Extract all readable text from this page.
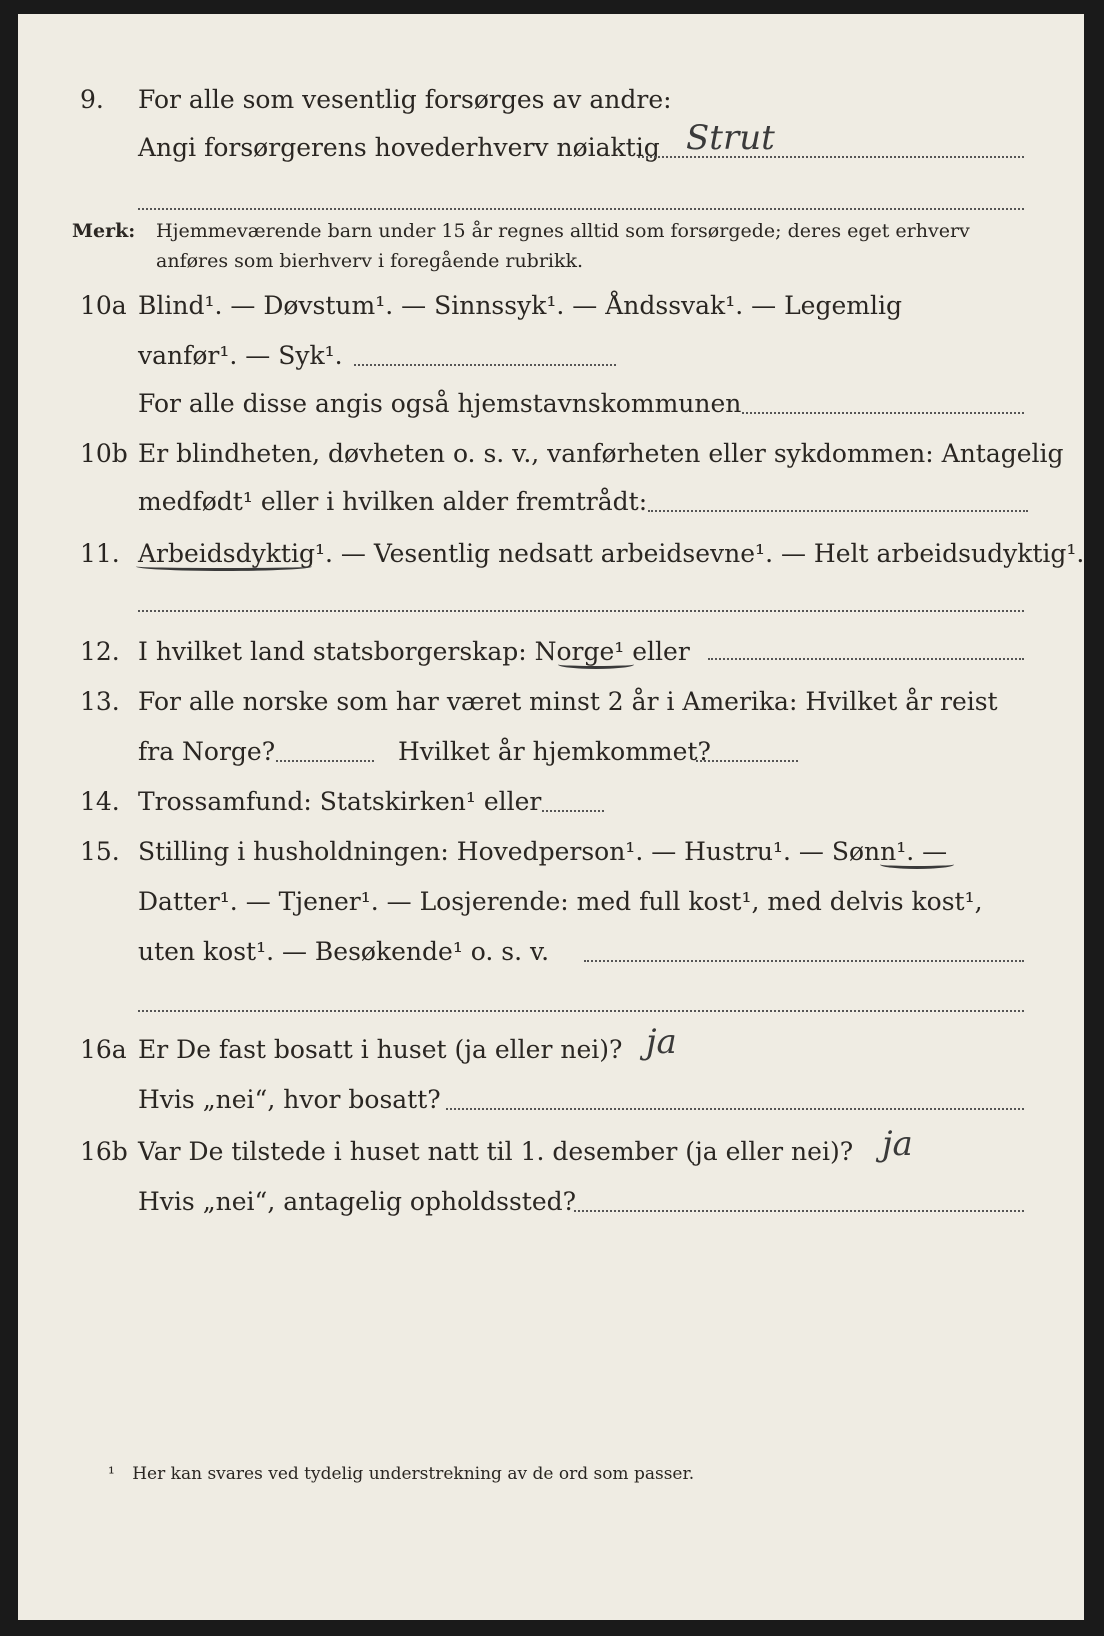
9. For alle som vesentlig forsørges av andre:
Angi forsørgerens hovederhverv nøiaktig Strut
Merk: Hjemmeværende barn under 15 år regnes alltid som forsørgede; deres eget erhverv
anføres som bierhverv i foregående rubrikk.
10a Blind¹. — Døvstum¹. — Sinnssyk¹. — Åndssvak¹. — Legemlig
vanfør¹. — Syk¹.
For alle disse angis også hjemstavnskommunen
10b Er blindheten, døvheten o. s. v., vanførheten eller sykdommen: Antagelig
medfødt¹ eller i hvilken alder fremtrådt:
11. Arbeidsdyktig¹. — Vesentlig nedsatt arbeidsevne¹. — Helt arbeidsudyktig¹.
12. I hvilket land statsborgerskap: Norge¹ eller
13. For alle norske som har været minst 2 år i Amerika: Hvilket år reist
fra Norge?	Hvilket år hjemkommet?
14. Trossamfund: Statskirken¹ eller
15. Stilling i husholdningen: Hovedperson¹. — Hustru¹. — Sønn¹. —
Datter¹. — Tjener¹. — Losjerende: med full kost¹, med delvis kost¹,
uten kost¹. — Besøkende¹ o. s. v.
16a Er De fast bosatt i huset (ja eller nei)? ja
Hvis „nei“, hvor bosatt?
16b Var De tilstede i huset natt til 1. desember (ja eller nei)? ja
Hvis „nei“, antagelig opholdssted?
¹ Her kan svares ved tydelig understrekning av de ord som passer.
